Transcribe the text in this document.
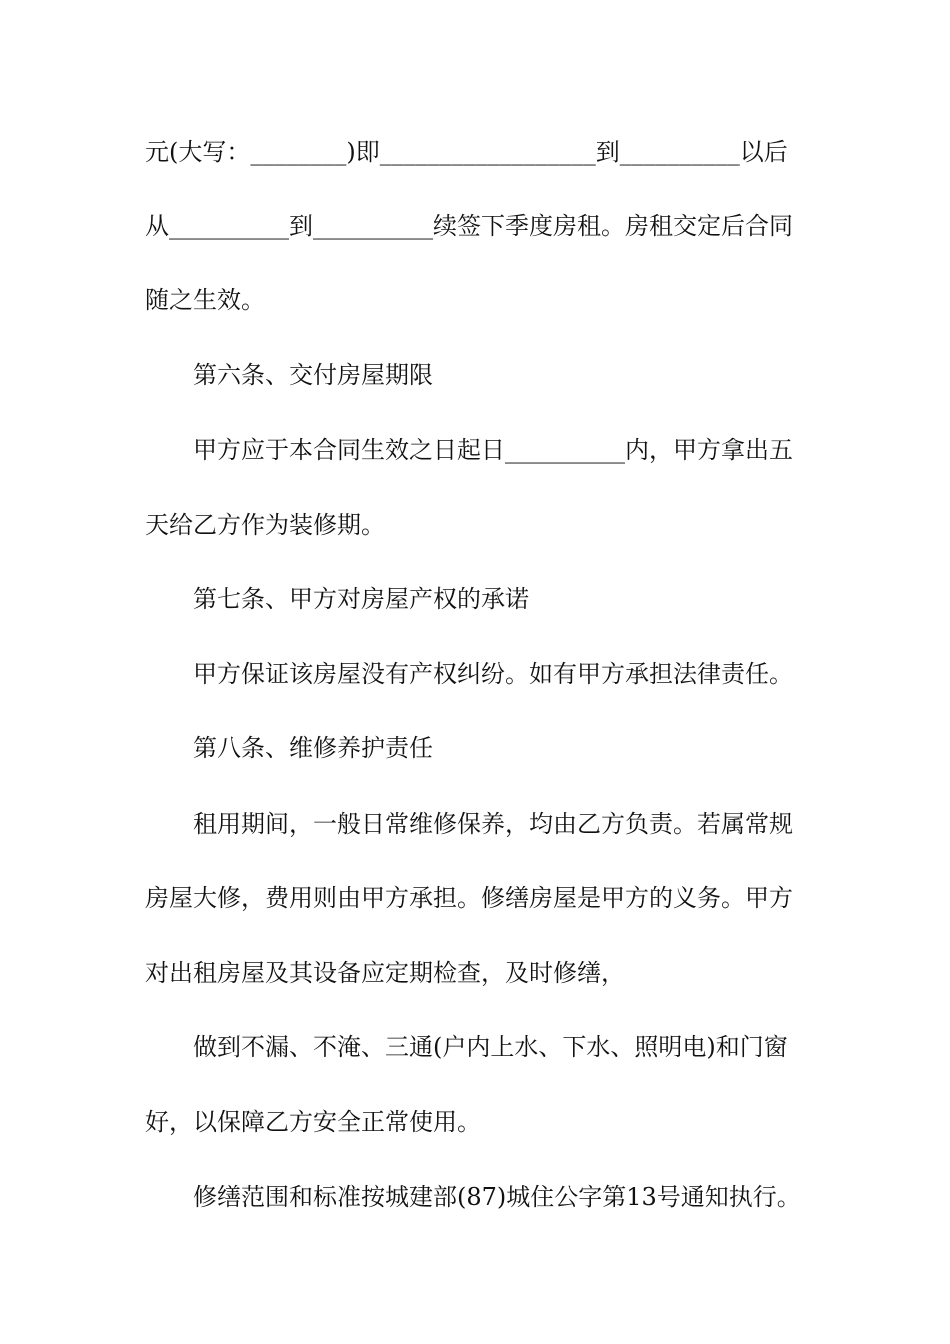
元(大写：________)即__________________到__________以后
从__________到__________续签下季度房租。房租交定后合同
随之生效。
第六条、交付房屋期限
甲方应于本合同生效之日起日__________内，甲方拿出五
天给乙方作为装修期。
第七条、甲方对房屋产权的承诺
甲方保证该房屋没有产权纠纷。如有甲方承担法律责任。
第八条、维修养护责任
租用期间，一般日常维修保养，均由乙方负责。若属常规
房屋大修，费用则由甲方承担。修缮房屋是甲方的义务。甲方
对出租房屋及其设备应定期检查，及时修缮，
做到不漏、不淹、三通(户内上水、下水、照明电)和门窗
好，以保障乙方安全正常使用。
修缮范围和标准按城建部(87)城住公字第13号通知执行。
